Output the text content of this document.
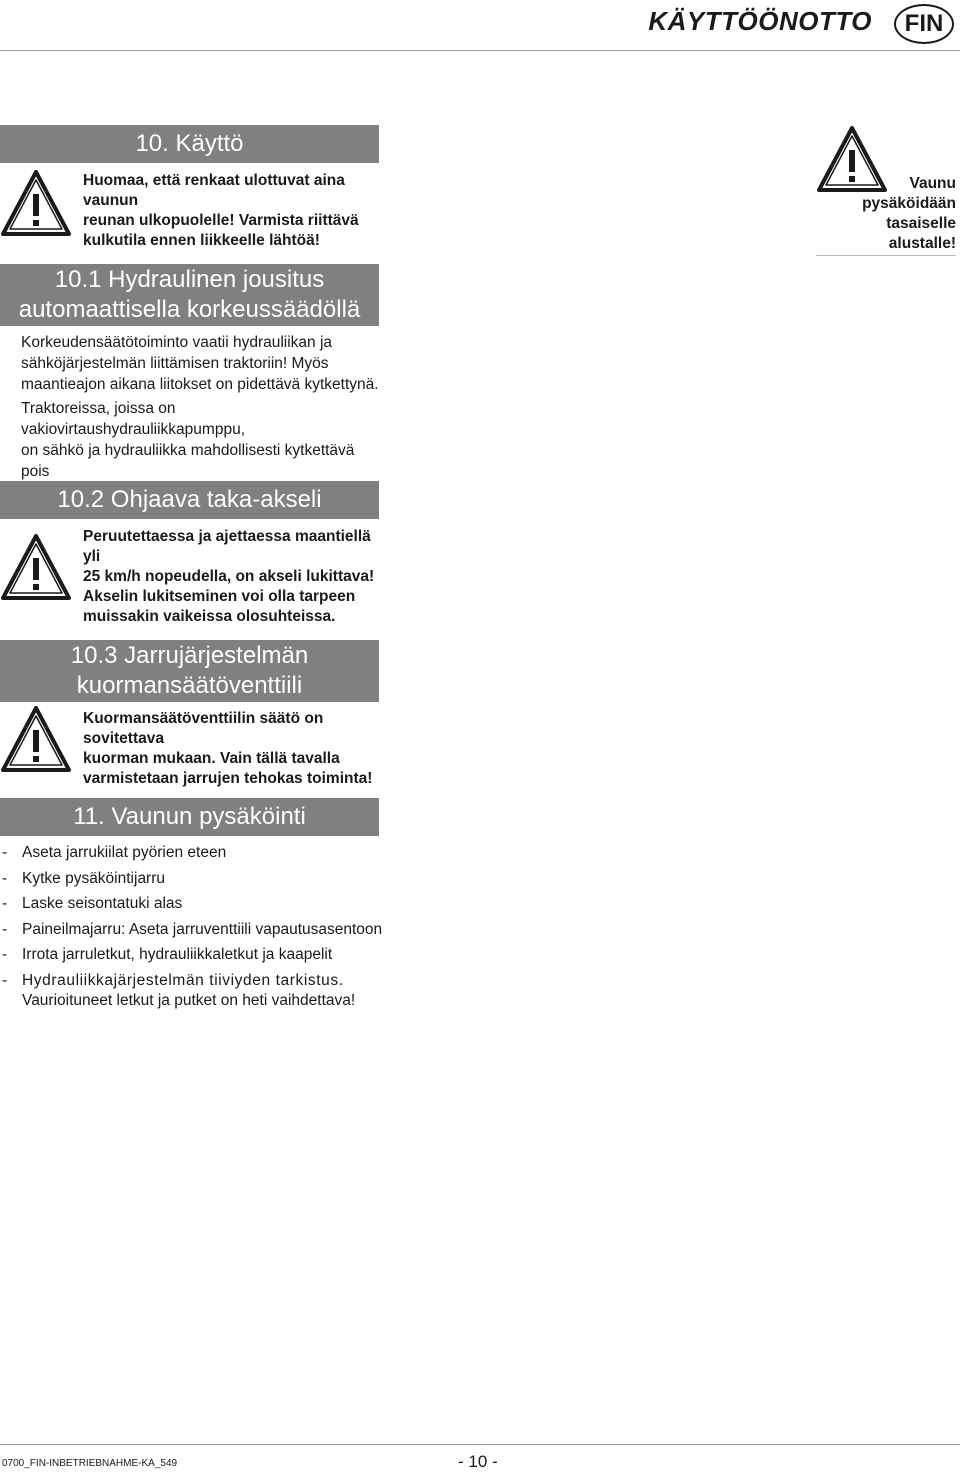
KÄYTTÖÖNOTTO	FIN
Vaunu
pysäköidään
tasaiselle
alustalle!
10. Käyttö
Huomaa, että renkaat ulottuvat aina vaunun
reunan ulkopuolelle! Varmista riittävä
kulkutila ennen liikkeelle lähtöä!
10.1 Hydraulinen jousitus
automaattisella korkeussäädöllä
Korkeudensäätötoiminto vaatii hydrauliikan ja
sähköjärjestelmän liittämisen traktoriin! Myös
maantieajon aikana liitokset on pidettävä kytkettynä.
Traktoreissa, joissa on vakiovirtaushydrauliikkapumppu,
on sähkö ja hydrauliikka mahdollisesti kytkettävä pois
10.2 Ohjaava taka-akseli
Peruutettaessa ja ajettaessa maantiellä yli
25 km/h nopeudella, on akseli lukittava!
Akselin lukitseminen voi olla tarpeen
muissakin vaikeissa olosuhteissa.
10.3 Jarrujärjestelmän
kuormansäätöventtiili
Kuormansäätöventtiilin säätö on sovitettava
kuorman mukaan. Vain tällä tavalla
varmistetaan jarrujen tehokas toiminta!
11. Vaunun pysäköinti
- Aseta jarrukiilat pyörien eteen
- Kytke pysäköintijarru
- Laske seisontatuki alas
- Paineilmajarru: Aseta jarruventtiili vapautusasentoon
- Irrota jarruletkut, hydrauliikkaletkut ja kaapelit
- Hydrauliikkajärjestelmän tiiviyden tarkistus.
Vaurioituneet letkut ja putket on heti vaihdettava!
0700_FIN-INBETRIEBNAHME-KA_549	- 10 -
